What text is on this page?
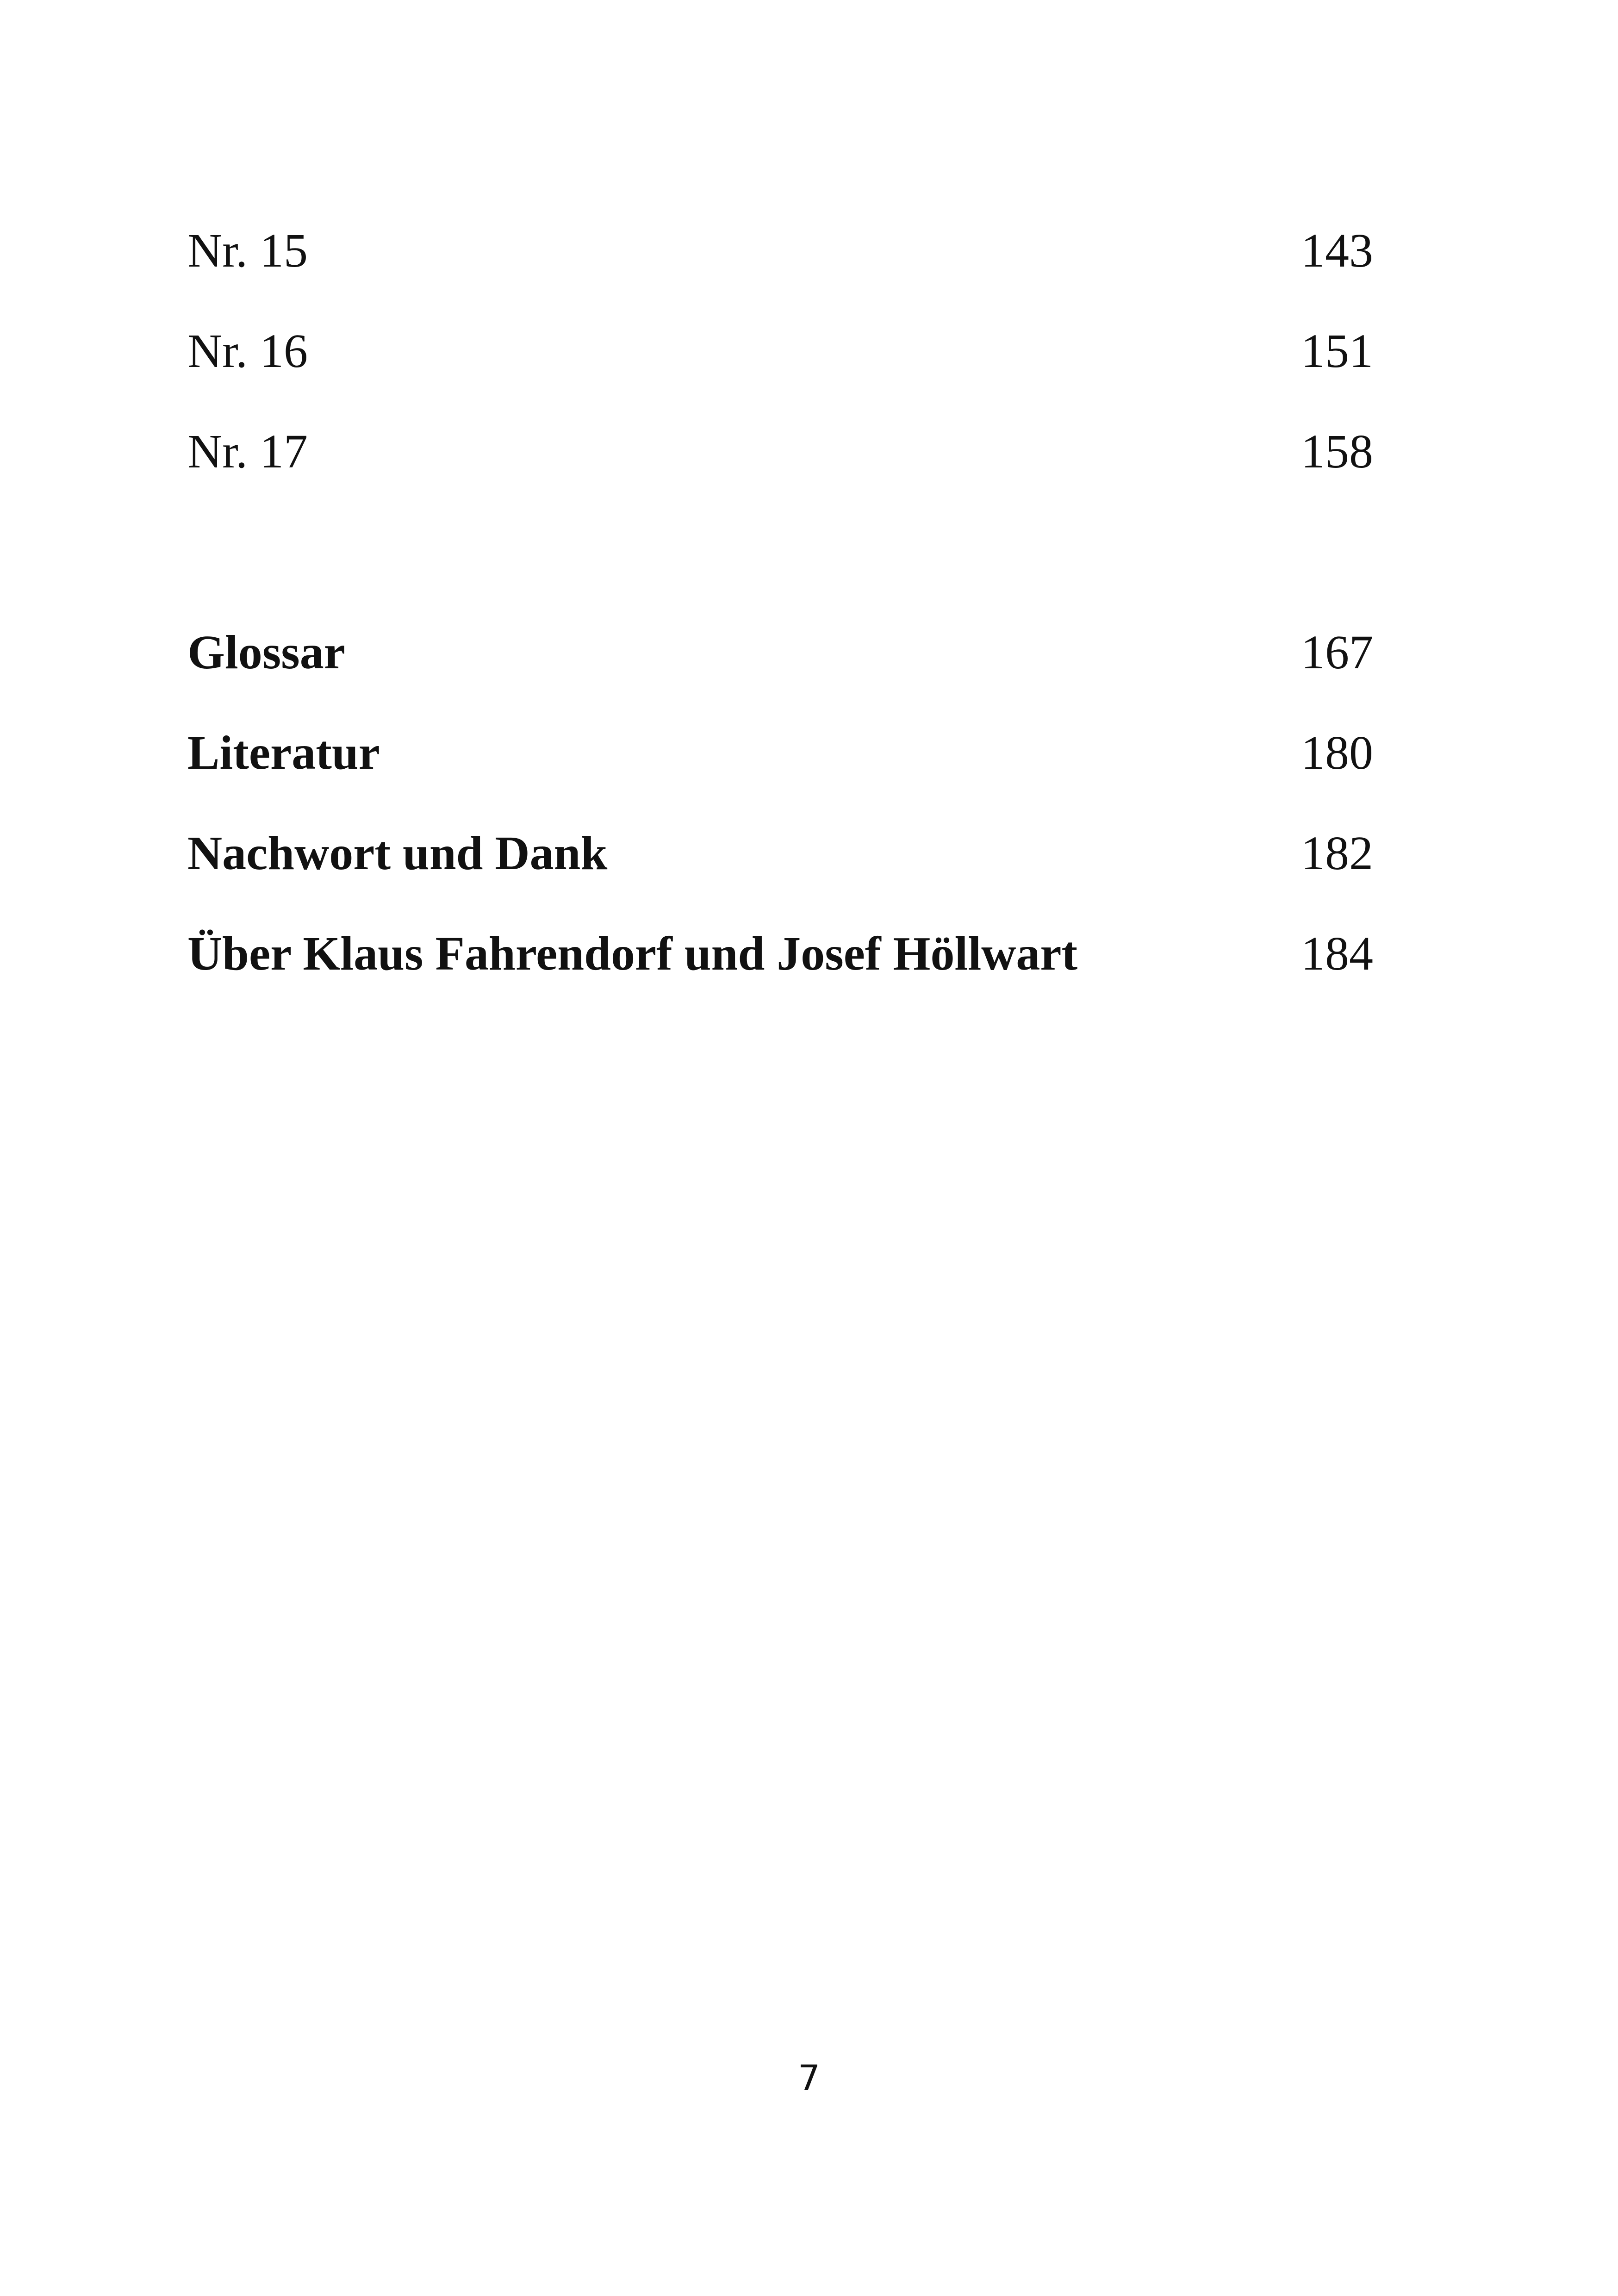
Nr. 15	143
Nr. 16	151
Nr. 17	158
Glossar	167
Literatur	180
Nachwort und Dank	182
Über Klaus Fahrendorf und Josef Höllwart	184
7
